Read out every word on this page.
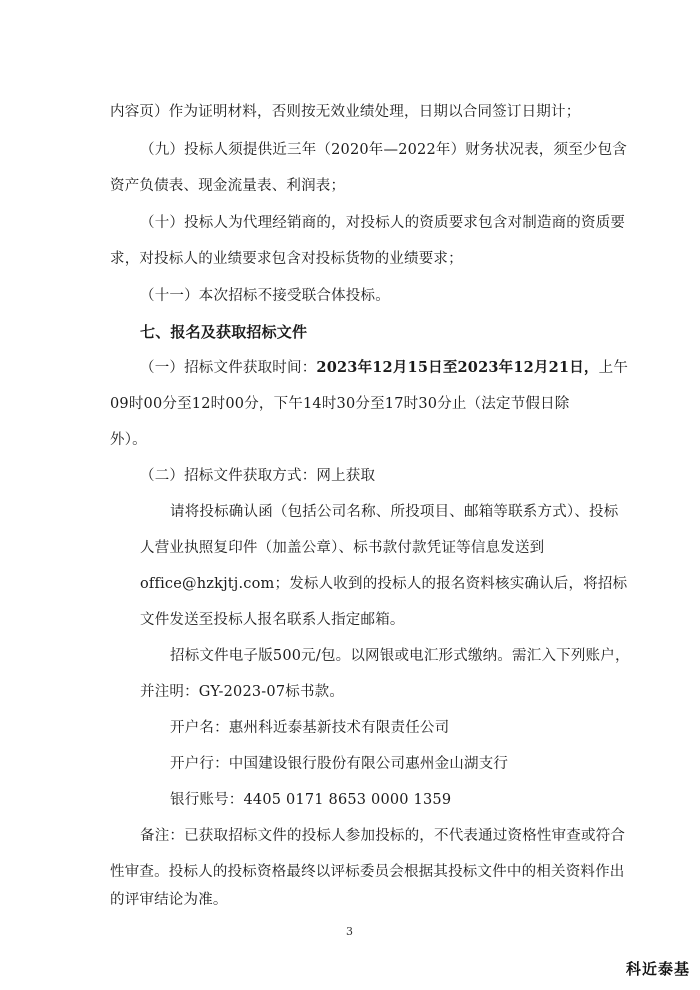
内容页）作为证明材料，否则按无效业绩处理，日期以合同签订日期计；
（九）投标人须提供近三年（2020年—2022年）财务状况表，须至少包含
资产负债表、现金流量表、利润表；
（十）投标人为代理经销商的，对投标人的资质要求包含对制造商的资质要
求，对投标人的业绩要求包含对投标货物的业绩要求；
（十一）本次招标不接受联合体投标。
七、报名及获取招标文件
（一）招标文件获取时间：2023年12月15日至2023年12月21日，上午
09时00分至12时00分，下午14时30分至17时30分止（法定节假日除
外）。
（二）招标文件获取方式：网上获取
请将投标确认函（包括公司名称、所投项目、邮箱等联系方式）、投标
人营业执照复印件（加盖公章）、标书款付款凭证等信息发送到
office@hzkjtj.com；发标人收到的投标人的报名资料核实确认后，将招标
文件发送至投标人报名联系人指定邮箱。
招标文件电子版500元/包。以网银或电汇形式缴纳。需汇入下列账户，
并注明：GY-2023-07标书款。
开户名：惠州科近泰基新技术有限责任公司
开户行：中国建设银行股份有限公司惠州金山湖支行
银行账号：4405 0171 8653 0000 1359
备注：已获取招标文件的投标人参加投标的，不代表通过资格性审查或符合
性审查。投标人的投标资格最终以评标委员会根据其投标文件中的相关资料作出
的评审结论为准。
3
科近泰基
